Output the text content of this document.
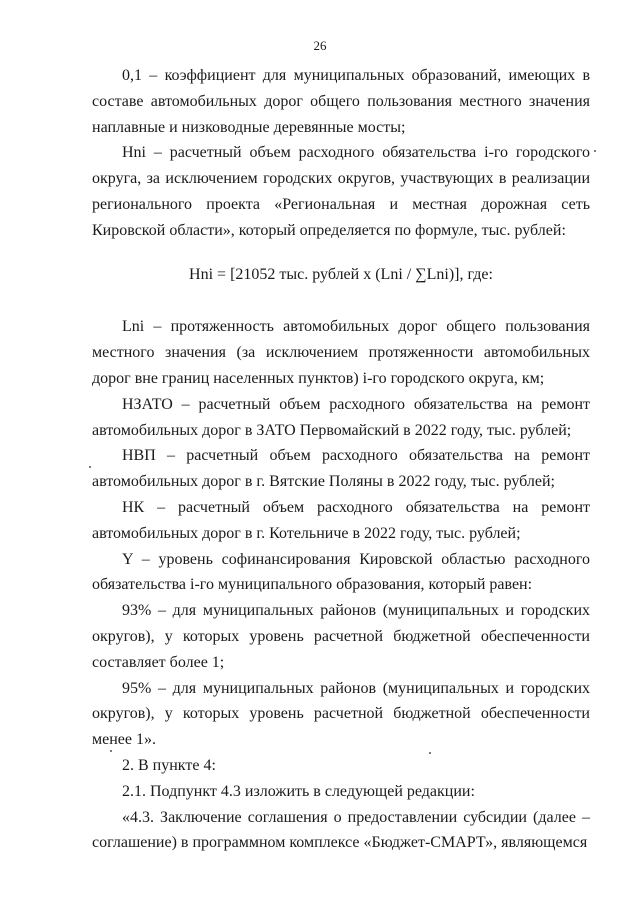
26

0,1 – коэффициент для муниципальных образований, имеющих в составе автомобильных дорог общего пользования местного значения наплавные и низководные деревянные мосты;

Hni – расчетный объем расходного обязательства i-го городского округа, за исключением городских округов, участвующих в реализации регионального проекта «Региональная и местная дорожная сеть Кировской области», который определяется по формуле, тыс. рублей:

Hni = [21052 тыс. рублей x (Lni / ∑Lni)], где:

Lni – протяженность автомобильных дорог общего пользования местного значения (за исключением протяженности автомобильных дорог вне границ населенных пунктов) i-го городского округа, км;

НЗАТО – расчетный объем расходного обязательства на ремонт автомобильных дорог в ЗАТО Первомайский в 2022 году, тыс. рублей;

НВП – расчетный объем расходного обязательства на ремонт автомобильных дорог в г. Вятские Поляны в 2022 году, тыс. рублей;

НК – расчетный объем расходного обязательства на ремонт автомобильных дорог в г. Котельниче в 2022 году, тыс. рублей;

Y – уровень софинансирования Кировской областью расходного обязательства i-го муниципального образования, который равен:

93% – для муниципальных районов (муниципальных и городских округов), у которых уровень расчетной бюджетной обеспеченности составляет более 1;

95% – для муниципальных районов (муниципальных и городских округов), у которых уровень расчетной бюджетной обеспеченности менее 1».

2. В пункте 4:

2.1. Подпункт 4.3 изложить в следующей редакции:

«4.3. Заключение соглашения о предоставлении субсидии (далее – соглашение) в программном комплексе «Бюджет-СМАРТ», являющемся
